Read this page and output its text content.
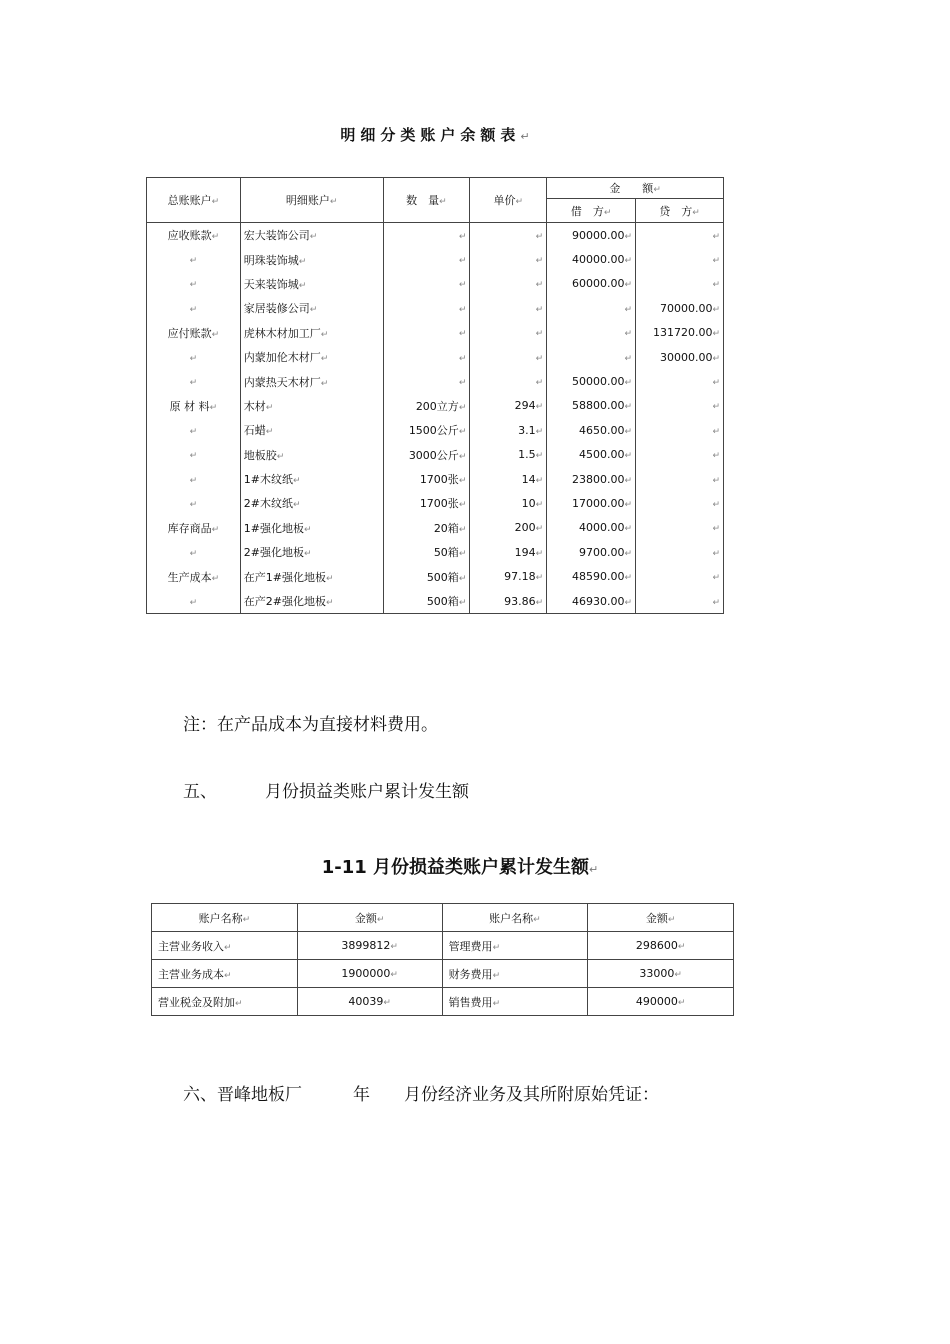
明细分类账户余额表↵
总账账户↵	明细账户↵	数　量↵	单价↵	金　　额↵	
				借　方↵	贷　方↵
应收账款↵	宏大装饰公司↵	↵	↵	90000.00↵	↵
↵	明珠装饰城↵	↵	↵	40000.00↵	↵
↵	天来装饰城↵	↵	↵	60000.00↵	↵
↵	家居装修公司↵	↵	↵	↵	70000.00↵
应付账款↵	虎林木材加工厂↵	↵	↵	↵	131720.00↵
↵	内蒙加伦木材厂↵	↵	↵	↵	30000.00↵
↵	内蒙热天木材厂↵	↵	↵	50000.00↵	↵
原 材 料↵	木材↵	200立方↵	294↵	58800.00↵	↵
↵	石蜡↵	1500公斤↵	3.1↵	4650.00↵	↵
↵	地板胶↵	3000公斤↵	1.5↵	4500.00↵	↵
↵	1#木纹纸↵	1700张↵	14↵	23800.00↵	↵
↵	2#木纹纸↵	1700张↵	10↵	17000.00↵	↵
库存商品↵	1#强化地板↵	20箱↵	200↵	4000.00↵	↵
↵	2#强化地板↵	50箱↵	194↵	9700.00↵	↵
生产成本↵	在产1#强化地板↵	500箱↵	97.18↵	48590.00↵	↵
↵	在产2#强化地板↵	500箱↵	93.86↵	46930.00↵	↵
注：在产品成本为直接材料费用。
五、	月份损益类账户累计发生额
1-11 月份损益类账户累计发生额↵
账户名称↵	金额↵	账户名称↵	金额↵
主营业务收入↵	3899812↵	管理费用↵	298600↵
主营业务成本↵	1900000↵	财务费用↵	33000↵
营业税金及附加↵	40039↵	销售费用↵	490000↵
六、晋峰地板厂　　　年　　月份经济业务及其所附原始凭证：
